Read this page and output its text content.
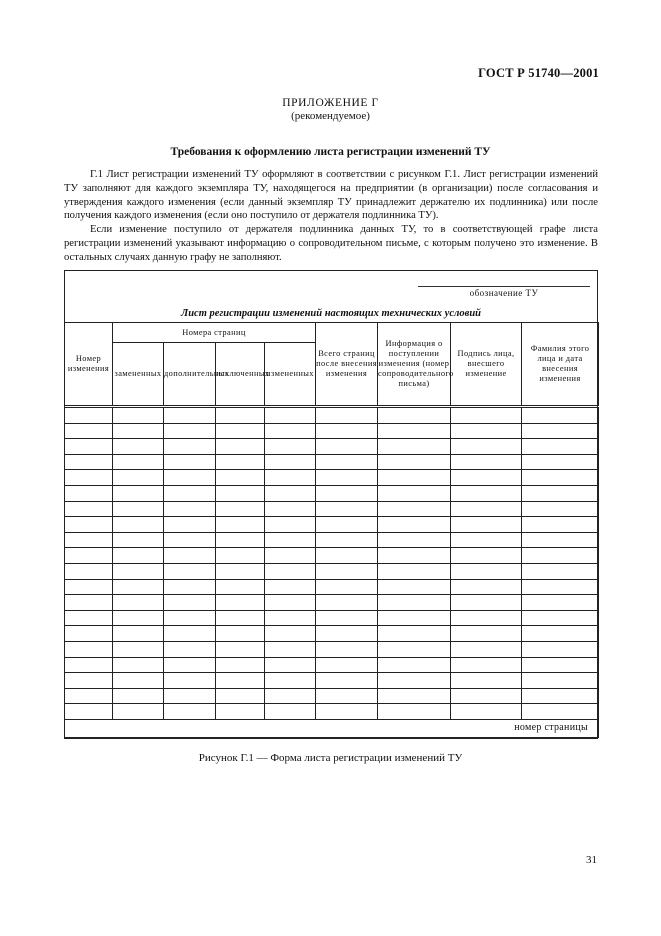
ГОСТ Р 51740—2001
ПРИЛОЖЕНИЕ Г
(рекомендуемое)
Требования к оформлению листа регистрации изменений ТУ

Г.1 Лист регистрации изменений ТУ оформляют в соответствии с рисунком Г.1. Лист регистрации изменений ТУ заполняют для каждого экземпляра ТУ, находящегося на предприятии (в организации) после согласования и утверждения каждого изменения (если данный экземпляр ТУ принадлежит держателю их подлинника) или после получения каждого изменения (если оно поступило от держателя подлинника ТУ).

Если изменение поступило от держателя подлинника данных ТУ, то в соответствующей графе листа регистрации изменений указывают информацию о сопроводительном письме, с которым получено это изменение. В остальных случаях данную графу не заполняют.

обозначение ТУ
Лист регистрации изменений настоящих технических условий
Номер изменения	Номера страниц				Всего страниц после внесения изменения	Информация о поступлении изменения (номер сопроводительного письма)	Подпись лица, внесшего изменение	Фамилия этого лица и дата внесения изменения
	замененных	дополнительных	исключенных	измененных				

номер страницы								
Рисунок Г.1 — Форма листа регистрации изменений ТУ
31
